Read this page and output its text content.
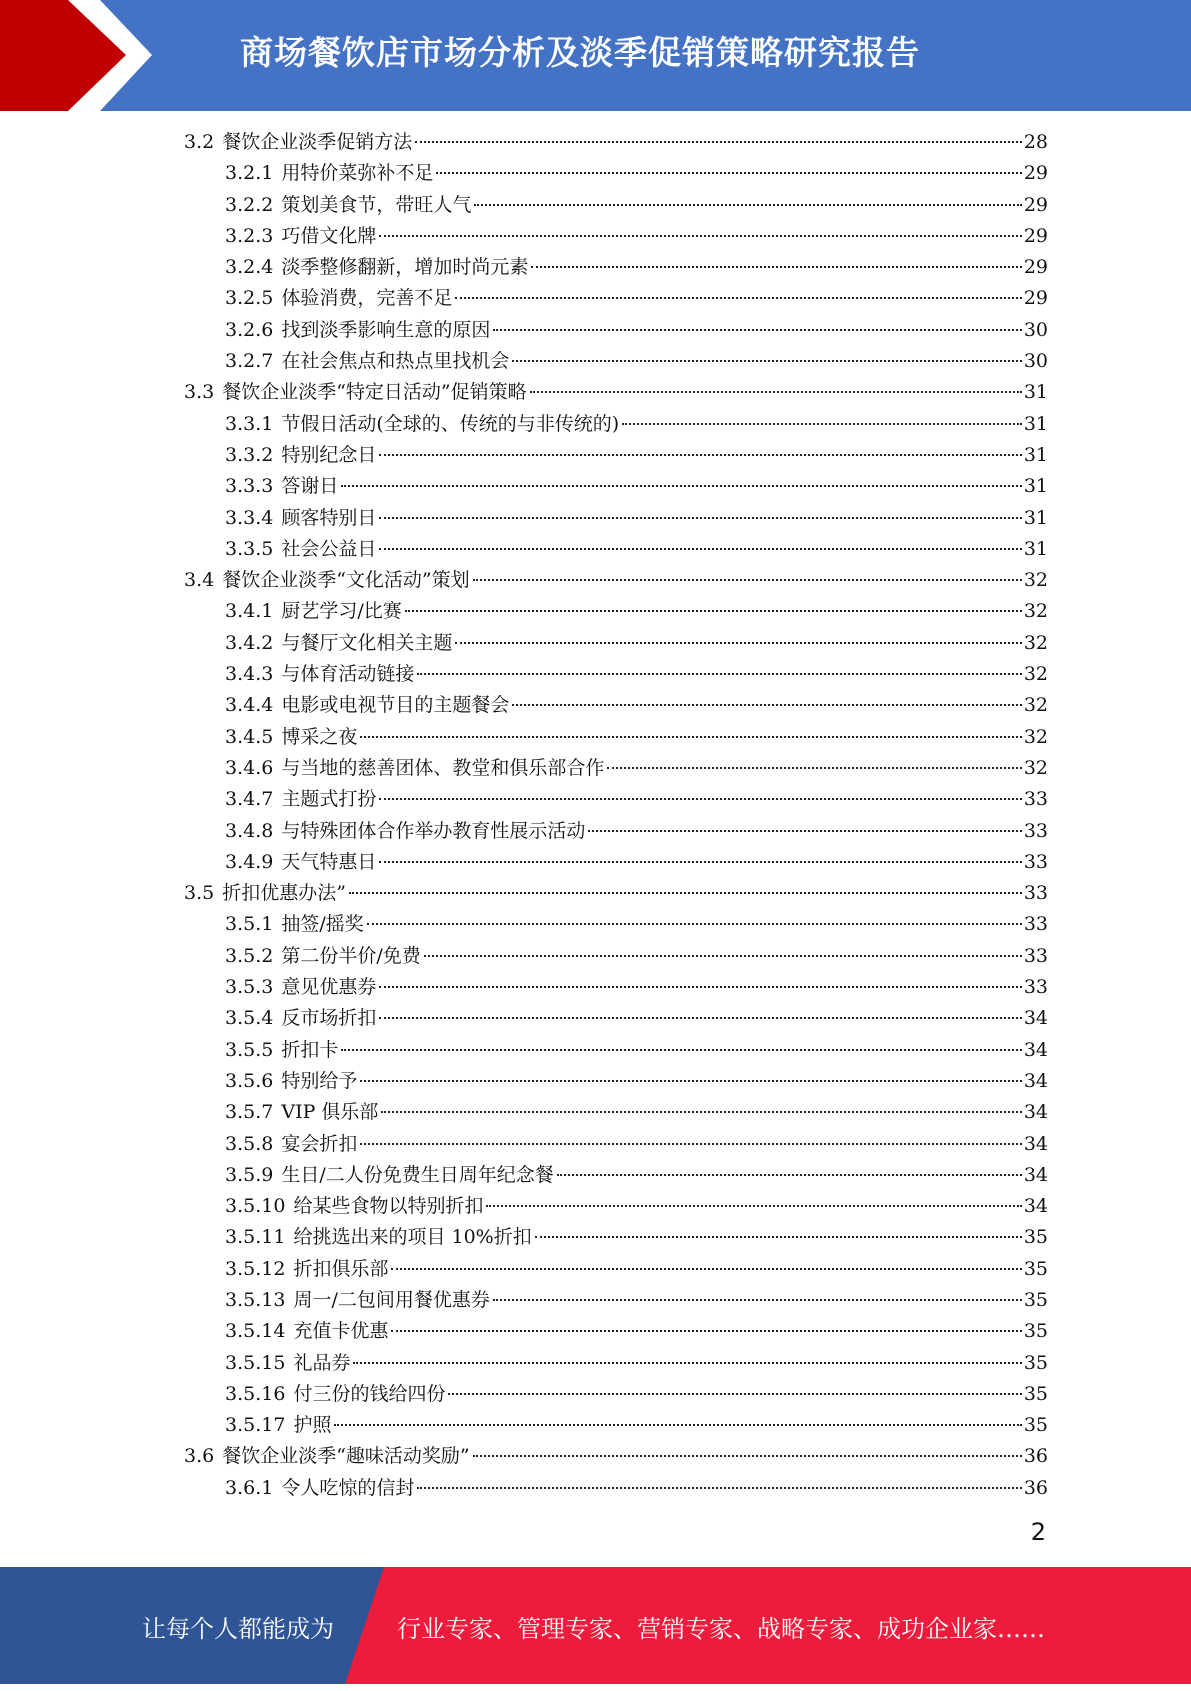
商场餐饮店市场分析及淡季促销策略研究报告
3.2 餐饮企业淡季促销方法	28
3.2.1 用特价菜弥补不足	29
3.2.2 策划美食节，带旺人气	29
3.2.3 巧借文化牌	29
3.2.4 淡季整修翻新，增加时尚元素	29
3.2.5 体验消费，完善不足	29
3.2.6 找到淡季影响生意的原因	30
3.2.7 在社会焦点和热点里找机会	30
3.3 餐饮企业淡季“特定日活动”促销策略	31
3.3.1 节假日活动(全球的、传统的与非传统的)	31
3.3.2 特别纪念日	31
3.3.3 答谢日	31
3.3.4 顾客特别日	31
3.3.5 社会公益日	31
3.4 餐饮企业淡季“文化活动”策划	32
3.4.1 厨艺学习/比赛	32
3.4.2 与餐厅文化相关主题	32
3.4.3 与体育活动链接	32
3.4.4 电影或电视节目的主题餐会	32
3.4.5 博采之夜	32
3.4.6 与当地的慈善团体、教堂和俱乐部合作	32
3.4.7 主题式打扮	33
3.4.8 与特殊团体合作举办教育性展示活动	33
3.4.9 天气特惠日	33
3.5 折扣优惠办法”	33
3.5.1 抽签/摇奖	33
3.5.2 第二份半价/免费	33
3.5.3 意见优惠券	33
3.5.4 反市场折扣	34
3.5.5 折扣卡	34
3.5.6 特别给予	34
3.5.7 VIP 俱乐部	34
3.5.8 宴会折扣	34
3.5.9 生日/二人份免费生日周年纪念餐	34
3.5.10 给某些食物以特别折扣	34
3.5.11 给挑选出来的项目 10%折扣	35
3.5.12 折扣俱乐部	35
3.5.13 周一/二包间用餐优惠券	35
3.5.14 充值卡优惠	35
3.5.15 礼品券	35
3.5.16 付三份的钱给四份	35
3.5.17 护照	35
3.6 餐饮企业淡季“趣味活动奖励”	36
3.6.1 令人吃惊的信封	36
2
让每个人都能成为	行业专家、管理专家、营销专家、战略专家、成功企业家……
